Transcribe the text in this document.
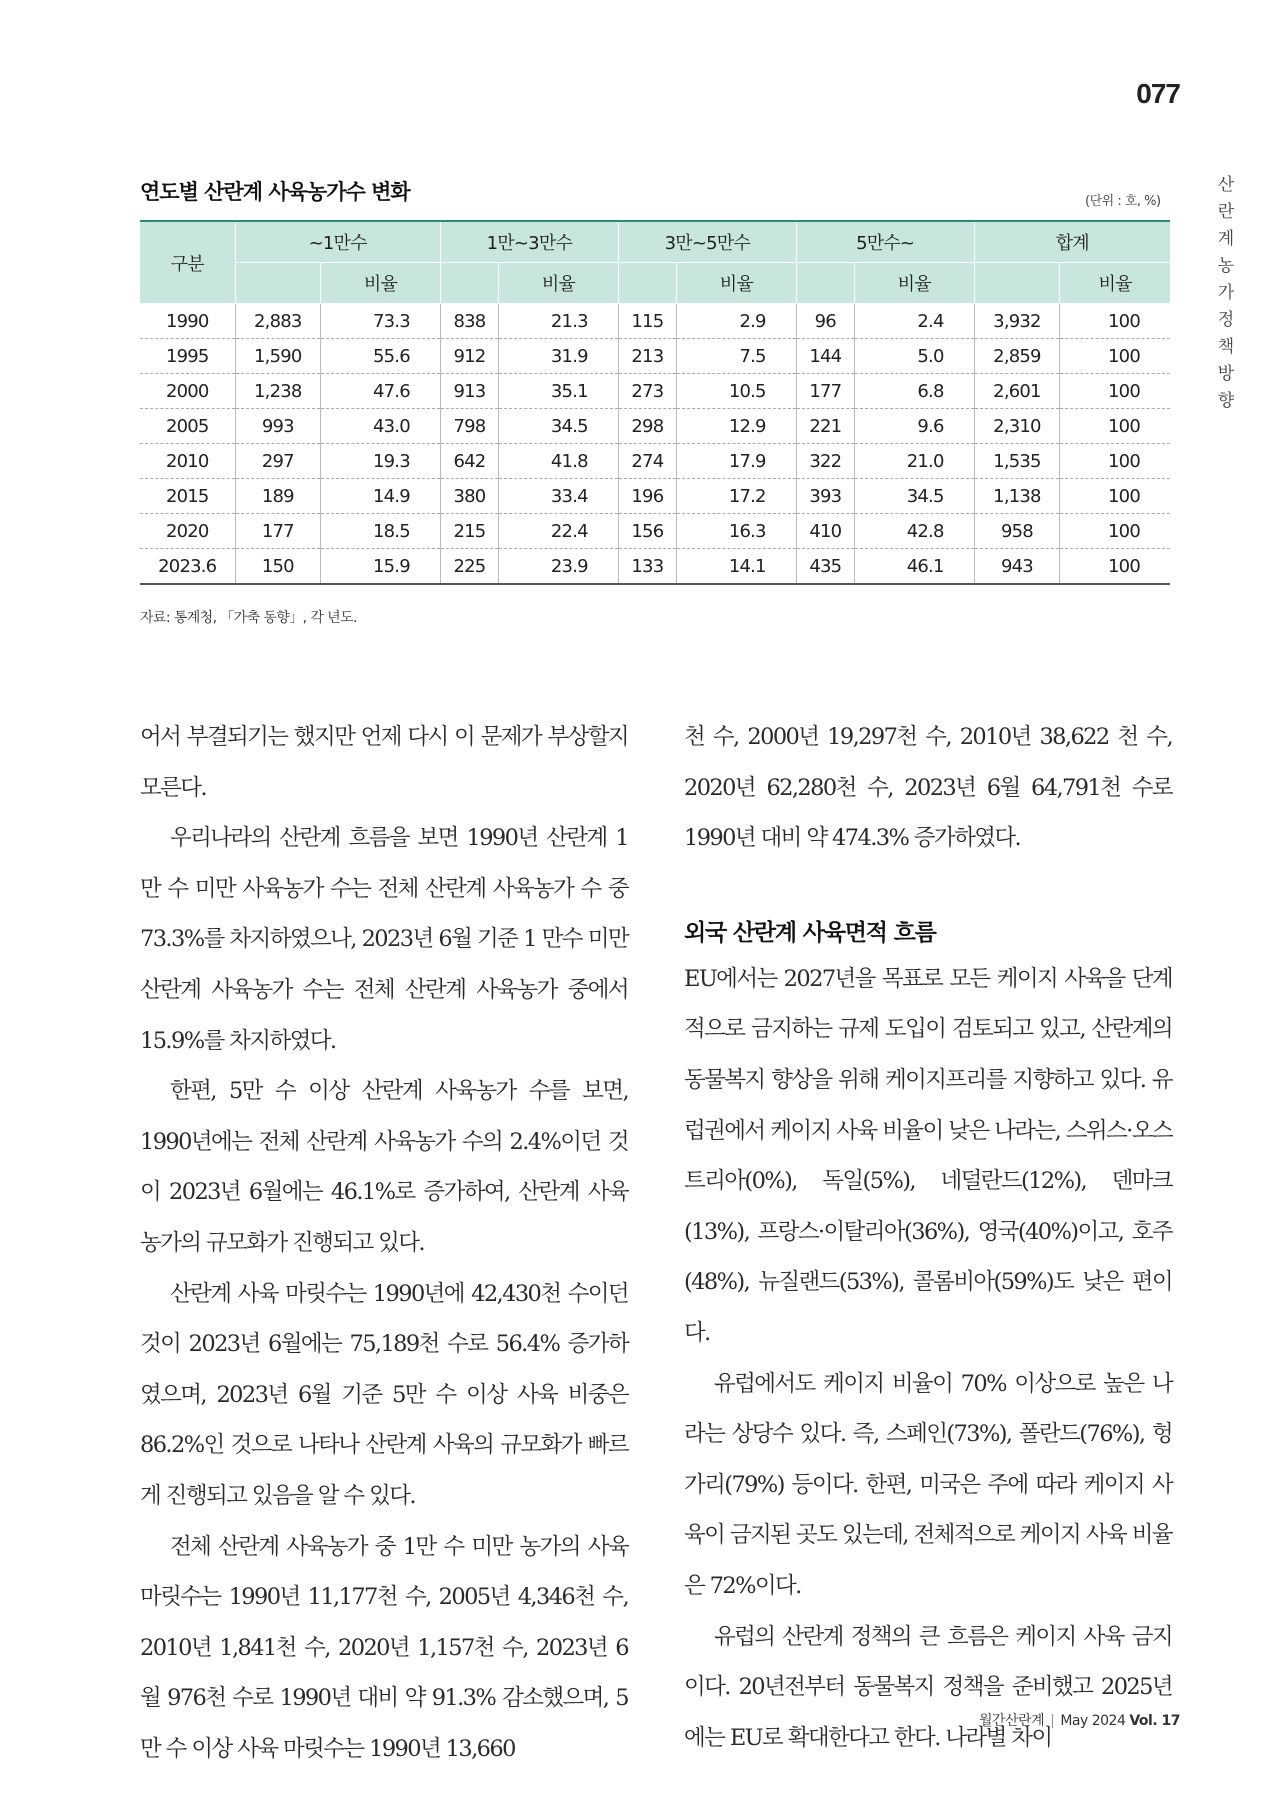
077
산란계농가 정책방향
연도별 산란계 사육농가수 변화	(단위 : 호, %)
구분	~1만수		1만~3만수		3만~5만수		5만수~		합계	
		비율		비율		비율		비율		비율
1990	2,883	73.3	838	21.3	115	2.9	96	2.4	3,932	100
1995	1,590	55.6	912	31.9	213	7.5	144	5.0	2,859	100
2000	1,238	47.6	913	35.1	273	10.5	177	6.8	2,601	100
2005	993	43.0	798	34.5	298	12.9	221	9.6	2,310	100
2010	297	19.3	642	41.8	274	17.9	322	21.0	1,535	100
2015	189	14.9	380	33.4	196	17.2	393	34.5	1,138	100
2020	177	18.5	215	22.4	156	16.3	410	42.8	958	100
2023.6	150	15.9	225	23.9	133	14.1	435	46.1	943	100
자료: 통계청, 「가축 동향」, 각 년도.

어서 부결되기는 했지만 언제 다시 이 문제가 부상할지 모른다.

우리나라의 산란계 흐름을 보면 1990년 산란계 1만 수 미만 사육농가 수는 전체 산란계 사육농가 수 중 73.3%를 차지하였으나, 2023년 6월 기준 1 만수 미만 산란계 사육농가 수는 전체 산란계 사육농가 중에서 15.9%를 차지하였다.

한편, 5만 수 이상 산란계 사육농가 수를 보면, 1990년에는 전체 산란계 사육농가 수의 2.4%이던 것이 2023년 6월에는 46.1%로 증가하여, 산란계 사육농가의 규모화가 진행되고 있다.

산란계 사육 마릿수는 1990년에 42,430천 수이던 것이 2023년 6월에는 75,189천 수로 56.4% 증가하였으며, 2023년 6월 기준 5만 수 이상 사육 비중은 86.2%인 것으로 나타나 산란계 사육의 규모화가 빠르게 진행되고 있음을 알 수 있다.

전체 산란계 사육농가 중 1만 수 미만 농가의 사육 마릿수는 1990년 11,177천 수, 2005년 4,346천 수, 2010년 1,841천 수, 2020년 1,157천 수, 2023년 6월 976천 수로 1990년 대비 약 91.3% 감소했으며, 5만 수 이상 사육 마릿수는 1990년 13,660

천 수, 2000년 19,297천 수, 2010년 38,622 천 수, 2020년 62,280천 수, 2023년 6월 64,791천 수로 1990년 대비 약 474.3% 증가하였다.

외국 산란계 사육면적 흐름

EU에서는 2027년을 목표로 모든 케이지 사육을 단계적으로 금지하는 규제 도입이 검토되고 있고, 산란계의 동물복지 향상을 위해 케이지프리를 지향하고 있다. 유럽권에서 케이지 사육 비율이 낮은 나라는, 스위스·오스트리아(0%), 독일(5%), 네덜란드(12%), 덴마크(13%), 프랑스·이탈리아(36%), 영국(40%)이고, 호주(48%), 뉴질랜드(53%), 콜롬비아(59%)도 낮은 편이다.

유럽에서도 케이지 비율이 70% 이상으로 높은 나라는 상당수 있다. 즉, 스페인(73%), 폴란드(76%), 헝가리(79%) 등이다. 한편, 미국은 주에 따라 케이지 사육이 금지된 곳도 있는데, 전체적으로 케이지 사육 비율은 72%이다.

유럽의 산란계 정책의 큰 흐름은 케이지 사육 금지이다. 20년전부터 동물복지 정책을 준비했고 2025년에는 EU로 확대한다고 한다. 나라별 차이

월간산란계 | May 2024 Vol. 17
